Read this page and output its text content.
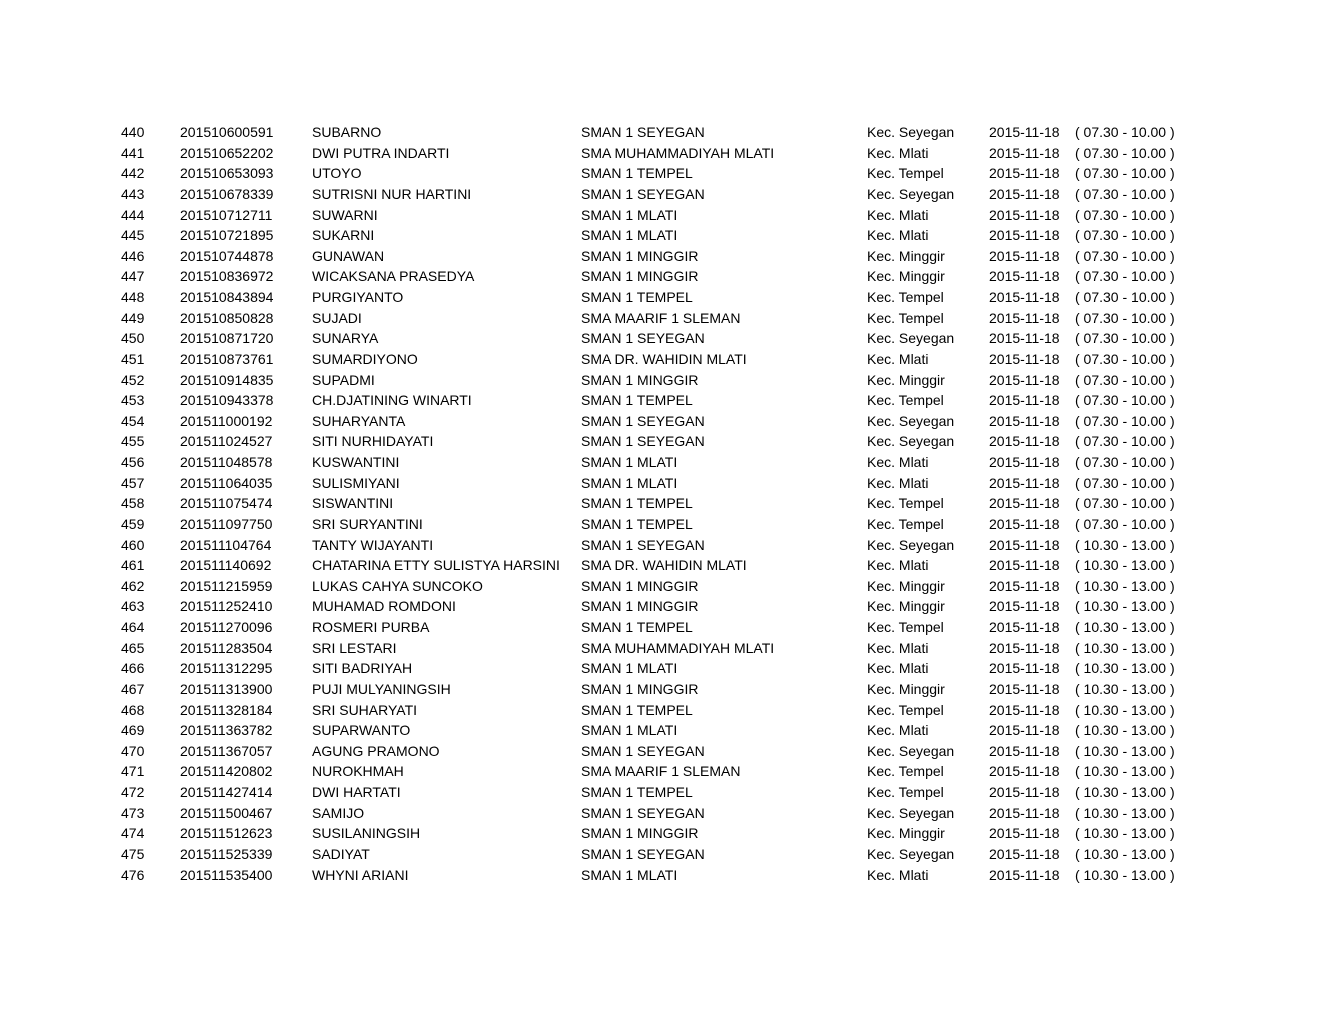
440	201510600591	SUBARNO	SMAN 1 SEYEGAN	Kec. Seyegan 2015-11-18 ( 07.30 - 10.00 )
441	201510652202	DWI PUTRA INDARTI	SMA MUHAMMADIYAH MLATI	Kec. Mlati	2015-11-18 ( 07.30 - 10.00 )
442	201510653093	UTOYO	SMAN 1 TEMPEL	Kec. Tempel	2015-11-18 ( 07.30 - 10.00 )
443	201510678339	SUTRISNI NUR HARTINI	SMAN 1 SEYEGAN	Kec. Seyegan 2015-11-18 ( 07.30 - 10.00 )
444	201510712711	SUWARNI	SMAN 1 MLATI	Kec. Mlati	2015-11-18 ( 07.30 - 10.00 )
445	201510721895	SUKARNI	SMAN 1 MLATI	Kec. Mlati	2015-11-18 ( 07.30 - 10.00 )
446	201510744878	GUNAWAN	SMAN 1 MINGGIR	Kec. Minggir	2015-11-18 ( 07.30 - 10.00 )
447	201510836972	WICAKSANA PRASEDYA	SMAN 1 MINGGIR	Kec. Minggir	2015-11-18 ( 07.30 - 10.00 )
448	201510843894	PURGIYANTO	SMAN 1 TEMPEL	Kec. Tempel	2015-11-18 ( 07.30 - 10.00 )
449	201510850828	SUJADI	SMA MAARIF 1 SLEMAN	Kec. Tempel	2015-11-18 ( 07.30 - 10.00 )
450	201510871720	SUNARYA	SMAN 1 SEYEGAN	Kec. Seyegan 2015-11-18 ( 07.30 - 10.00 )
451	201510873761	SUMARDIYONO	SMA DR. WAHIDIN MLATI	Kec. Mlati	2015-11-18 ( 07.30 - 10.00 )
452	201510914835	SUPADMI	SMAN 1 MINGGIR	Kec. Minggir	2015-11-18 ( 07.30 - 10.00 )
453	201510943378	CH.DJATINING WINARTI	SMAN 1 TEMPEL	Kec. Tempel	2015-11-18 ( 07.30 - 10.00 )
454	201511000192	SUHARYANTA	SMAN 1 SEYEGAN	Kec. Seyegan 2015-11-18 ( 07.30 - 10.00 )
455	201511024527	SITI NURHIDAYATI	SMAN 1 SEYEGAN	Kec. Seyegan 2015-11-18 ( 07.30 - 10.00 )
456	201511048578	KUSWANTINI	SMAN 1 MLATI	Kec. Mlati	2015-11-18 ( 07.30 - 10.00 )
457	201511064035	SULISMIYANI	SMAN 1 MLATI	Kec. Mlati	2015-11-18 ( 07.30 - 10.00 )
458	201511075474	SISWANTINI	SMAN 1 TEMPEL	Kec. Tempel	2015-11-18 ( 07.30 - 10.00 )
459	201511097750	SRI SURYANTINI	SMAN 1 TEMPEL	Kec. Tempel	2015-11-18 ( 07.30 - 10.00 )
460	201511104764	TANTY WIJAYANTI	SMAN 1 SEYEGAN	Kec. Seyegan 2015-11-18 ( 10.30 - 13.00 )
461	201511140692	CHATARINA ETTY SULISTYA HARSINI	SMA DR. WAHIDIN MLATI	Kec. Mlati	2015-11-18 ( 10.30 - 13.00 )
462	201511215959	LUKAS CAHYA SUNCOKO	SMAN 1 MINGGIR	Kec. Minggir	2015-11-18 ( 10.30 - 13.00 )
463	201511252410	MUHAMAD ROMDONI	SMAN 1 MINGGIR	Kec. Minggir	2015-11-18 ( 10.30 - 13.00 )
464	201511270096	ROSMERI PURBA	SMAN 1 TEMPEL	Kec. Tempel	2015-11-18 ( 10.30 - 13.00 )
465	201511283504	SRI LESTARI	SMA MUHAMMADIYAH MLATI	Kec. Mlati	2015-11-18 ( 10.30 - 13.00 )
466	201511312295	SITI BADRIYAH	SMAN 1 MLATI	Kec. Mlati	2015-11-18 ( 10.30 - 13.00 )
467	201511313900	PUJI MULYANINGSIH	SMAN 1 MINGGIR	Kec. Minggir	2015-11-18 ( 10.30 - 13.00 )
468	201511328184	SRI SUHARYATI	SMAN 1 TEMPEL	Kec. Tempel	2015-11-18 ( 10.30 - 13.00 )
469	201511363782	SUPARWANTO	SMAN 1 MLATI	Kec. Mlati	2015-11-18 ( 10.30 - 13.00 )
470	201511367057	AGUNG PRAMONO	SMAN 1 SEYEGAN	Kec. Seyegan 2015-11-18 ( 10.30 - 13.00 )
471	201511420802	NUROKHMAH	SMA MAARIF 1 SLEMAN	Kec. Tempel	2015-11-18 ( 10.30 - 13.00 )
472	201511427414	DWI HARTATI	SMAN 1 TEMPEL	Kec. Tempel	2015-11-18 ( 10.30 - 13.00 )
473	201511500467	SAMIJO	SMAN 1 SEYEGAN	Kec. Seyegan 2015-11-18 ( 10.30 - 13.00 )
474	201511512623	SUSILANINGSIH	SMAN 1 MINGGIR	Kec. Minggir	2015-11-18 ( 10.30 - 13.00 )
475	201511525339	SADIYAT	SMAN 1 SEYEGAN	Kec. Seyegan 2015-11-18 ( 10.30 - 13.00 )
476	201511535400	WHYNI ARIANI	SMAN 1 MLATI	Kec. Mlati	2015-11-18 ( 10.30 - 13.00 )
